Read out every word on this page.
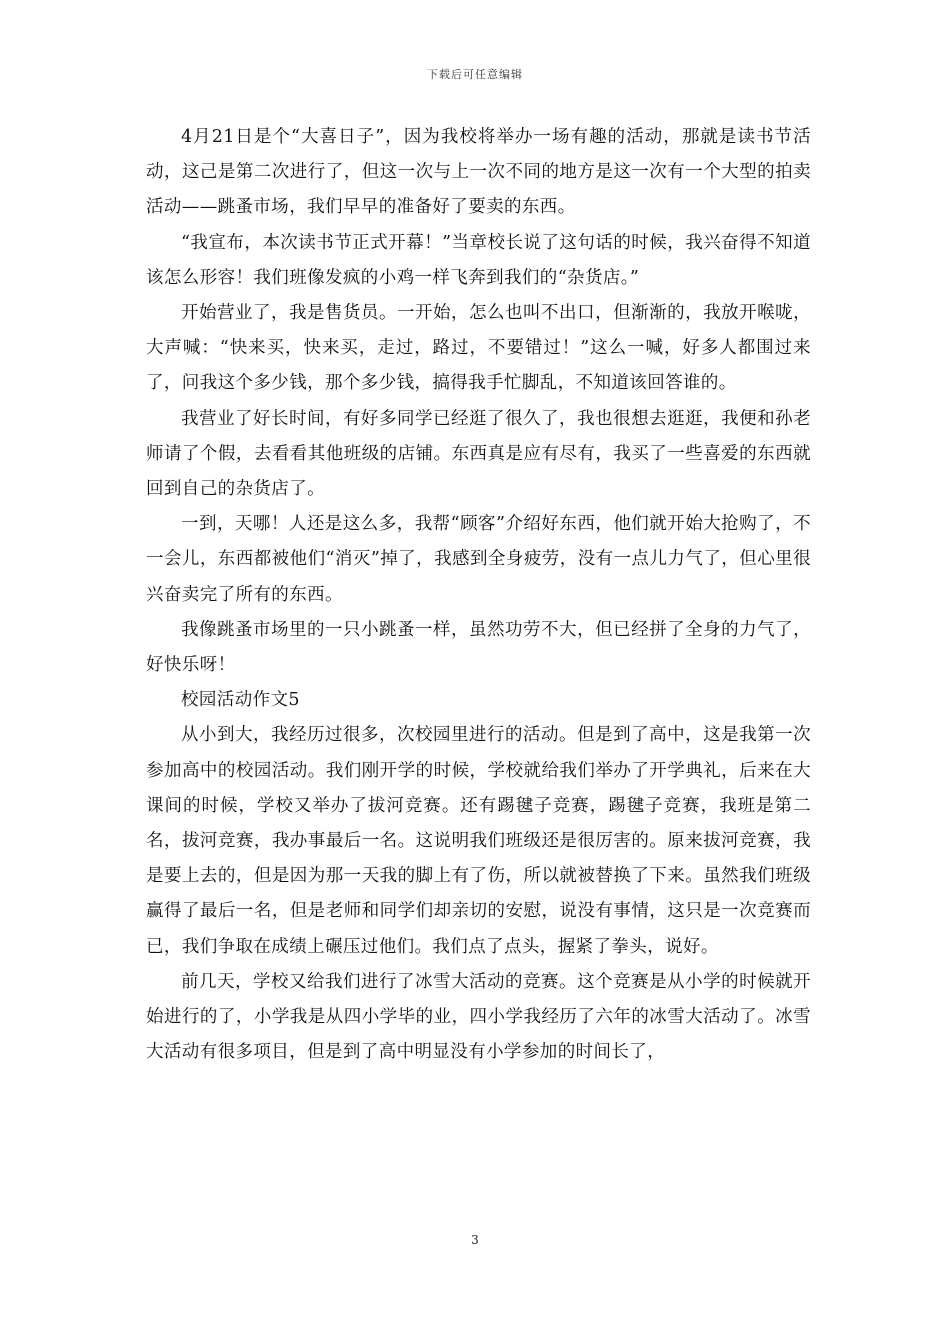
下载后可任意编辑

4月21日是个“大喜日子”，因为我校将举办一场有趣的活动，那就是读书节活动，这己是第二次进行了，但这一次与上一次不同的地方是这一次有一个大型的拍卖活动——跳蚤市场，我们早早的准备好了要卖的东西。

“我宣布，本次读书节正式开幕！”当章校长说了这句话的时候，我兴奋得不知道该怎么形容！我们班像发疯的小鸡一样飞奔到我们的“杂货店。”

开始营业了，我是售货员。一开始，怎么也叫不出口，但渐渐的，我放开喉咙，大声喊：“快来买，快来买，走过，路过，不要错过！”这么一喊，好多人都围过来了，问我这个多少钱，那个多少钱，搞得我手忙脚乱，不知道该回答谁的。

我营业了好长时间，有好多同学已经逛了很久了，我也很想去逛逛，我便和孙老师请了个假，去看看其他班级的店铺。东西真是应有尽有，我买了一些喜爱的东西就回到自己的杂货店了。

一到，天哪！人还是这么多，我帮“顾客”介绍好东西，他们就开始大抢购了，不一会儿，东西都被他们“消灭”掉了，我感到全身疲劳，没有一点儿力气了，但心里很兴奋卖完了所有的东西。

我像跳蚤市场里的一只小跳蚤一样，虽然功劳不大，但已经拼了全身的力气了，好快乐呀！

校园活动作文5

从小到大，我经历过很多，次校园里进行的活动。但是到了高中，这是我第一次参加高中的校园活动。我们刚开学的时候，学校就给我们举办了开学典礼，后来在大课间的时候，学校又举办了拔河竞赛。还有踢毽子竞赛，踢毽子竞赛，我班是第二名，拔河竞赛，我办事最后一名。这说明我们班级还是很厉害的。原来拔河竞赛，我是要上去的，但是因为那一天我的脚上有了伤，所以就被替换了下来。虽然我们班级赢得了最后一名，但是老师和同学们却亲切的安慰，说没有事情，这只是一次竞赛而已，我们争取在成绩上碾压过他们。我们点了点头，握紧了拳头，说好。

前几天，学校又给我们进行了冰雪大活动的竞赛。这个竞赛是从小学的时候就开始进行的了，小学我是从四小学毕的业，四小学我经历了六年的冰雪大活动了。冰雪大活动有很多项目，但是到了高中明显没有小学参加的时间长了，

3
